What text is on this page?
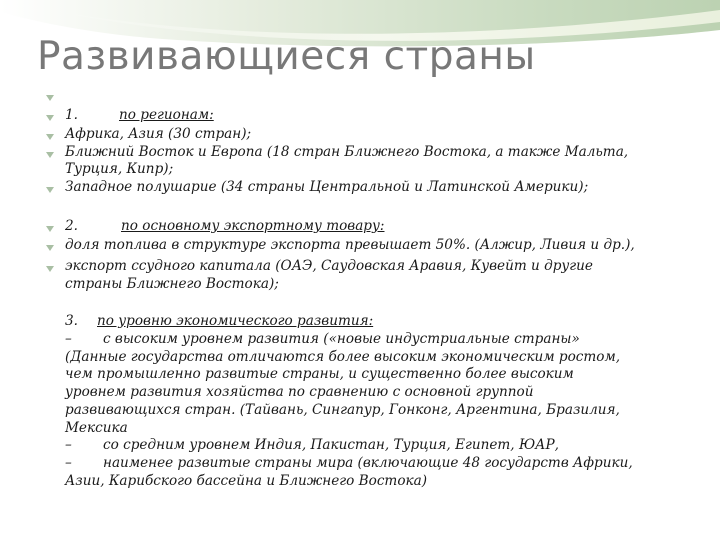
Развивающиеся страны
1.	по регионам:
Африка, Азия (30 стран);
Ближний Восток и Европа (18 стран Ближнего Востока, а также Мальта,
Турция, Кипр);
Западное полушарие (34 страны Центральной и Латинской Америки);
2.	по основному экспортному товару:
доля топлива в структуре экспорта превышает 50%. (Алжир, Ливия и др.),
экспорт ссудного капитала (ОАЭ, Саудовская Аравия, Кувейт и другие
страны Ближнего Востока);
3. по уровню экономического развития:
– с высоким уровнем развития («новые индустриальные страны»
(Данные государства отличаются более высоким экономическим ростом,
чем промышленно развитые страны, и существенно более высоким
уровнем развития хозяйства по сравнению с основной группой
развивающихся стран. (Тайвань, Сингапур, Гонконг, Аргентина, Бразилия,
Мексика
– со средним уровнем Индия, Пакистан, Турция, Египет, ЮАР,
– наименее развитые страны мира (включающие 48 государств Африки,
Азии, Карибского бассейна и Ближнего Востока)
